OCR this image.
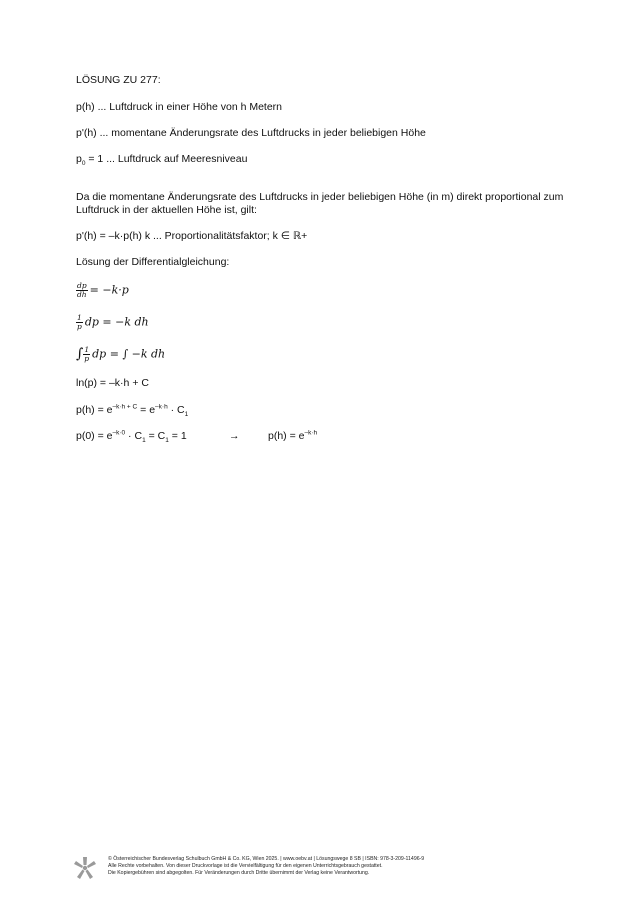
LÖSUNG ZU 277:
p(h) ... Luftdruck in einer Höhe von h Metern
p'(h) ... momentane Änderungsrate des Luftdrucks in jeder beliebigen Höhe
$p_0 = 1$ ... Luftdruck auf Meeresniveau
Da die momentane Änderungsrate des Luftdrucks in jeder beliebigen Höhe (in m) direkt proportional zum Luftdruck in der aktuellen Höhe ist, gilt:
p'(h) = –k·p(h) k ... Proportionalitätsfaktor; k ∈ ℝ+
Lösung der Differentialgleichung:
$\frac{dp}{dh} = -k\cdot p$
$\frac{1}{p}$ dp = −k dh
∫ $\frac{1}{p}$ dp = ∫ −k dh
ln(p) = –k·h + C
$p(h) = e^{-k\cdot h + C} = e^{-k\cdot h} \cdot C_1$
$p(0) = e^{-k\cdot 0} \cdot C_1 = C_1 = 1$	→	$p(h) = e^{-k\cdot h}$
© Österreichischer Bundesverlag Schulbuch GmbH & Co. KG, Wien 2025. | www.oebv.at | Lösungswege 8 SB | ISBN: 978-3-209-11496-9
Alle Rechte vorbehalten. Von dieser Druckvorlage ist die Vervielfältigung für den eigenen Unterrichtsgebrauch gestattet.
Die Kopiergebühren sind abgegolten. Für Veränderungen durch Dritte übernimmt der Verlag keine Verantwortung.
